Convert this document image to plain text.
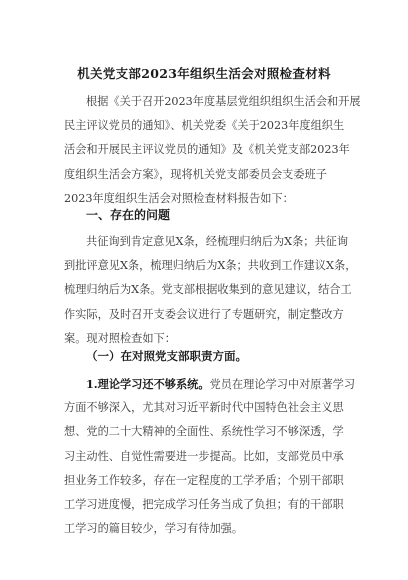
机关党支部2023年组织生活会对照检查材料
根据《关于召开2023年度基层党组织组织生活会和开展
民主评议党员的通知》、机关党委《关于2023年度组织生
活会和开展民主评议党员的通知》及《机关党支部2023年
度组织生活会方案》，现将机关党支部委员会支委班子
2023年度组织生活会对照检查材料报告如下：
一、存在的问题
共征询到肯定意见X条，经梳理归纳后为X条；共征询
到批评意见X条，梳理归纳后为X条；共收到工作建议X条，
梳理归纳后为X条。党支部根据收集到的意见建议，结合工
作实际，及时召开支委会议进行了专题研究，制定整改方
案。现对照检查如下：
（一）在对照党支部职责方面。
1.理论学习还不够系统。党员在理论学习中对原著学习
方面不够深入，尤其对习近平新时代中国特色社会主义思
想、党的二十大精神的全面性、系统性学习不够深透，学
习主动性、自觉性需要进一步提高。比如，支部党员中承
担业务工作较多，存在一定程度的工学矛盾；个别干部职
工学习进度慢，把完成学习任务当成了负担；有的干部职
工学习的篇目较少，学习有待加强。
